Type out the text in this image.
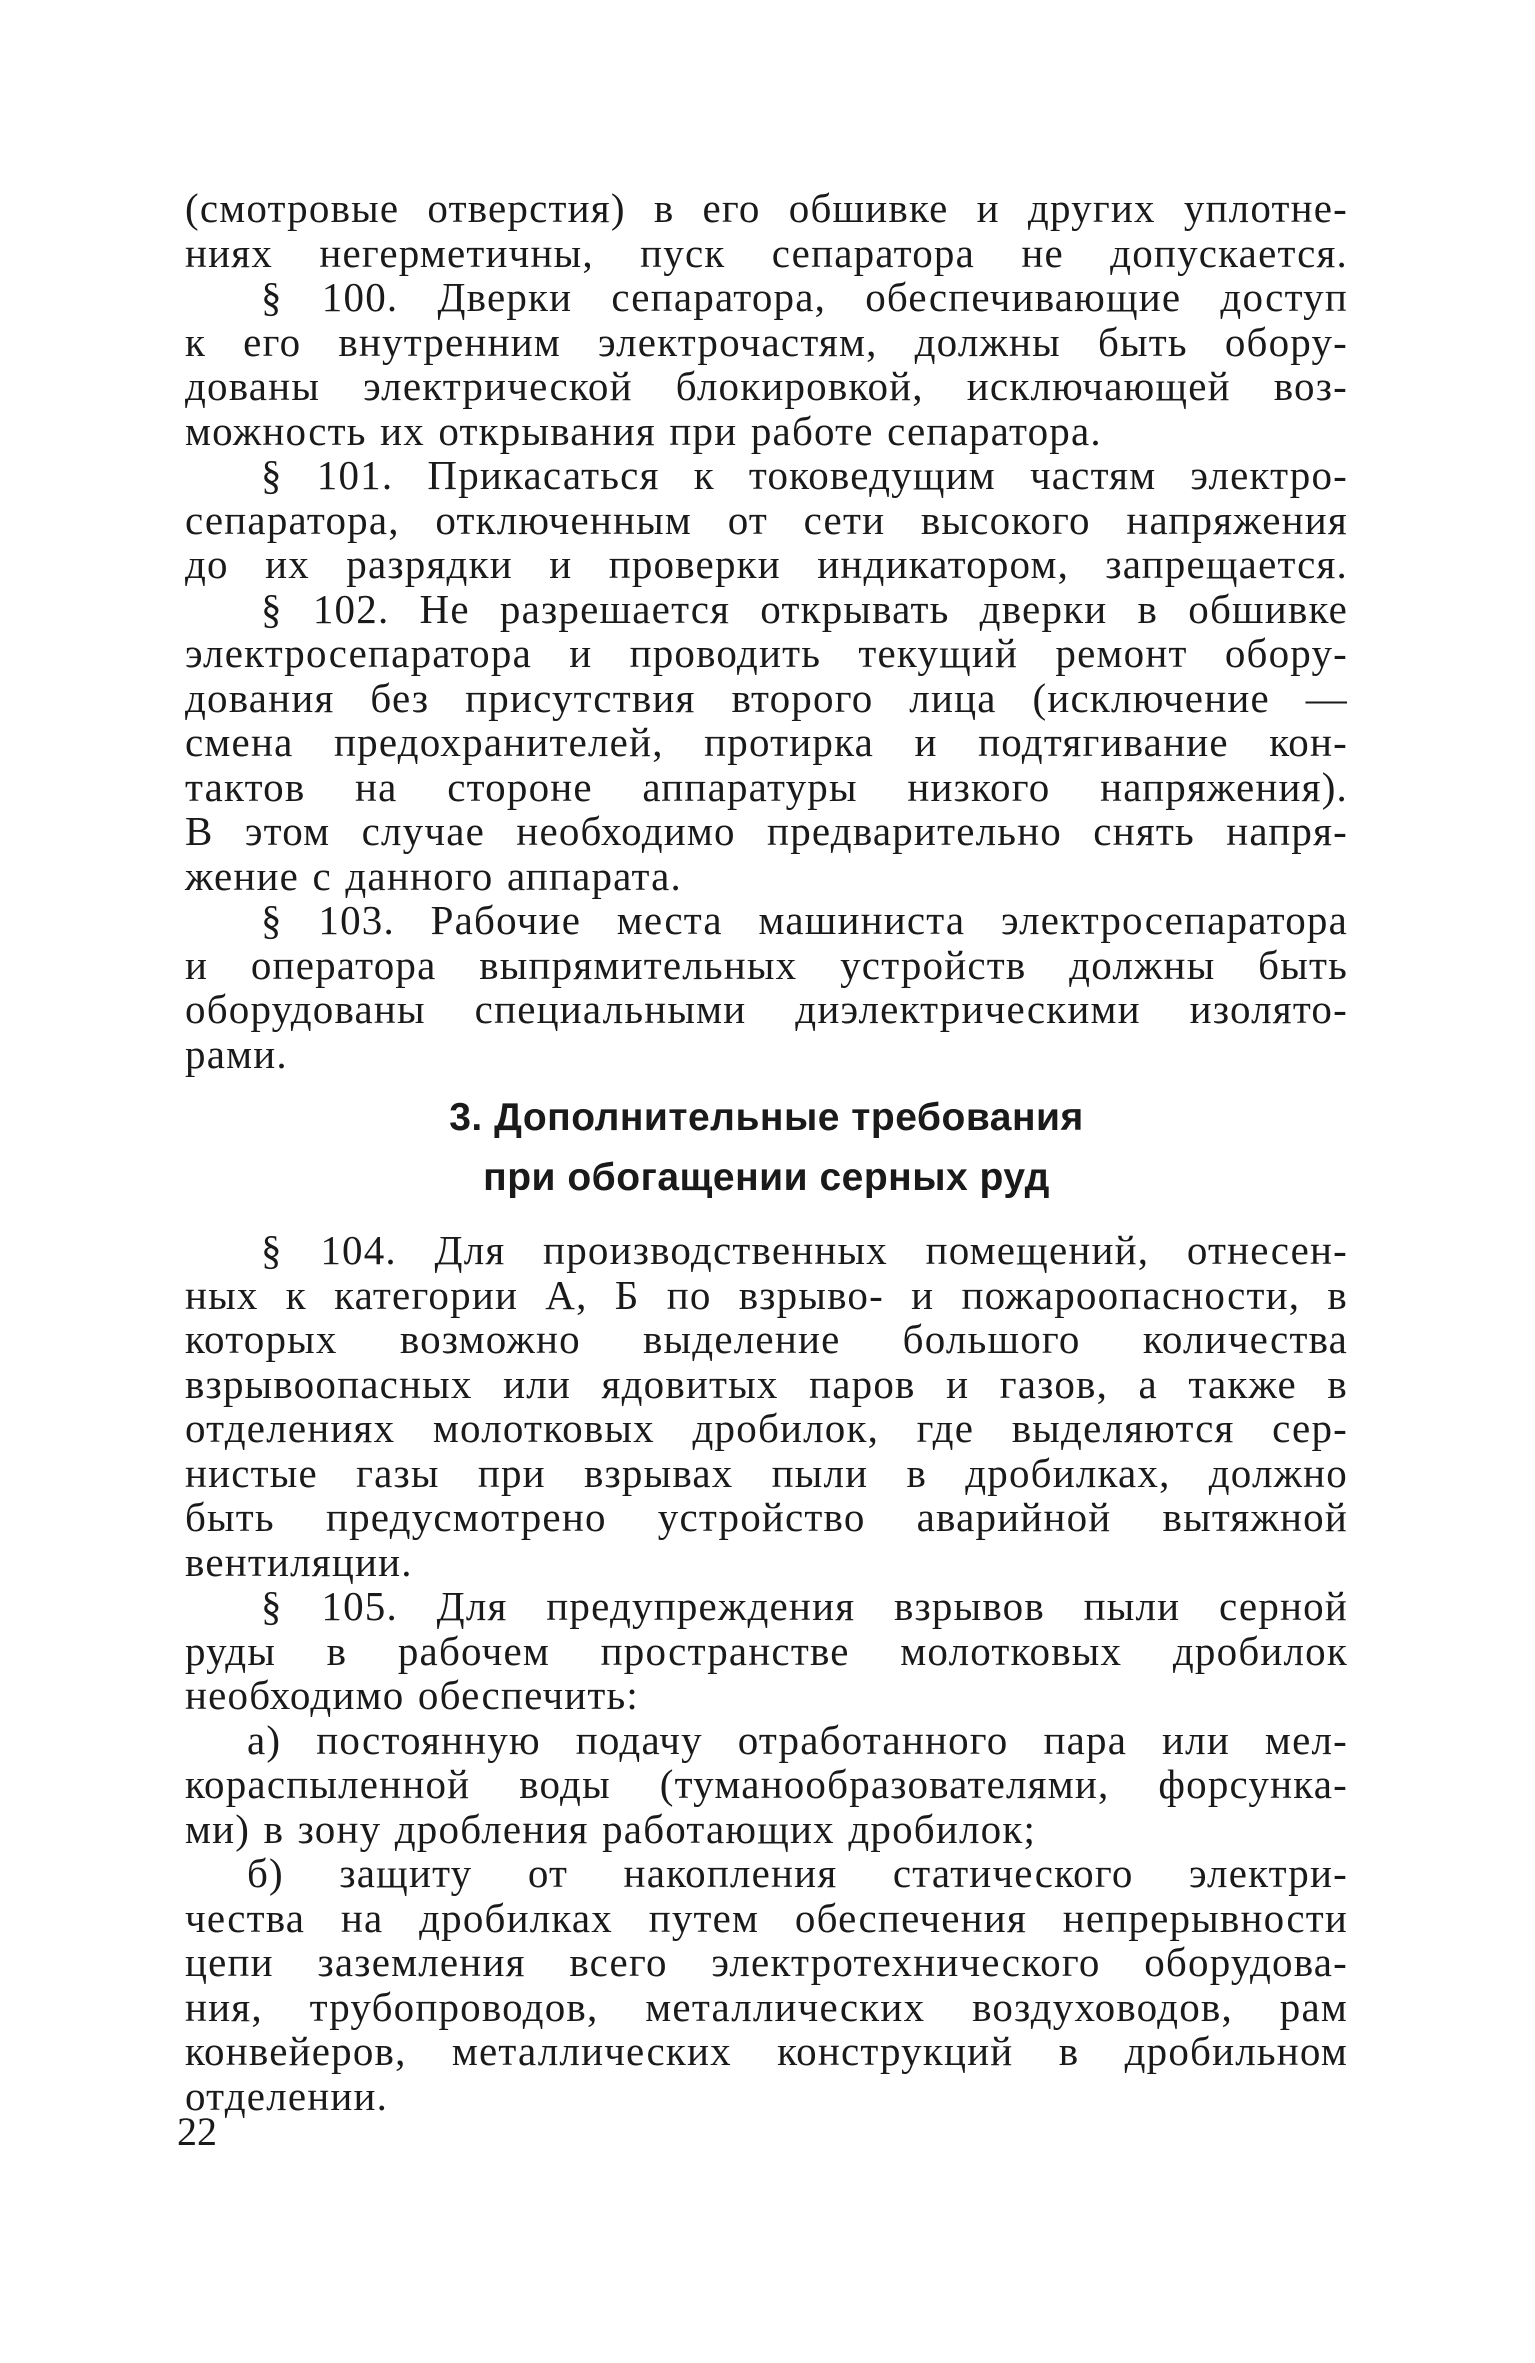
(смотровые отверстия) в его обшивке и других уплотне-
ниях негерметичны, пуск сепаратора не допускается.
§ 100. Дверки сепаратора, обеспечивающие доступ
к его внутренним электрочастям, должны быть обору-
дованы электрической блокировкой, исключающей воз-
можность их открывания при работе сепаратора.
§ 101. Прикасаться к токоведущим частям электро-
сепаратора, отключенным от сети высокого напряжения
до их разрядки и проверки индикатором, запрещается.
§ 102. Не разрешается открывать дверки в обшивке
электросепаратора и проводить текущий ремонт обору-
дования без присутствия второго лица (исключение —
смена предохранителей, протирка и подтягивание кон-
тактов на стороне аппаратуры низкого напряжения).
В этом случае необходимо предварительно снять напря-
жение с данного аппарата.
§ 103. Рабочие места машиниста электросепаратора
и оператора выпрямительных устройств должны быть
оборудованы специальными диэлектрическими изолято-
рами.
3. Дополнительные требования
при обогащении серных руд
§ 104. Для производственных помещений, отнесен-
ных к категории А, Б по взрыво- и пожароопасности, в
которых возможно выделение большого количества
взрывоопасных или ядовитых паров и газов, а также в
отделениях молотковых дробилок, где выделяются сер-
нистые газы при взрывах пыли в дробилках, должно
быть предусмотрено устройство аварийной вытяжной
вентиляции.
§ 105. Для предупреждения взрывов пыли серной
руды в рабочем пространстве молотковых дробилок
необходимо обеспечить:
а) постоянную подачу отработанного пара или мел-
кораспыленной воды (туманообразователями, форсунка-
ми) в зону дробления работающих дробилок;
б) защиту от накопления статического электри-
чества на дробилках путем обеспечения непрерывности
цепи заземления всего электротехнического оборудова-
ния, трубопроводов, металлических воздуховодов, рам
конвейеров, металлических конструкций в дробильном
отделении.
22
